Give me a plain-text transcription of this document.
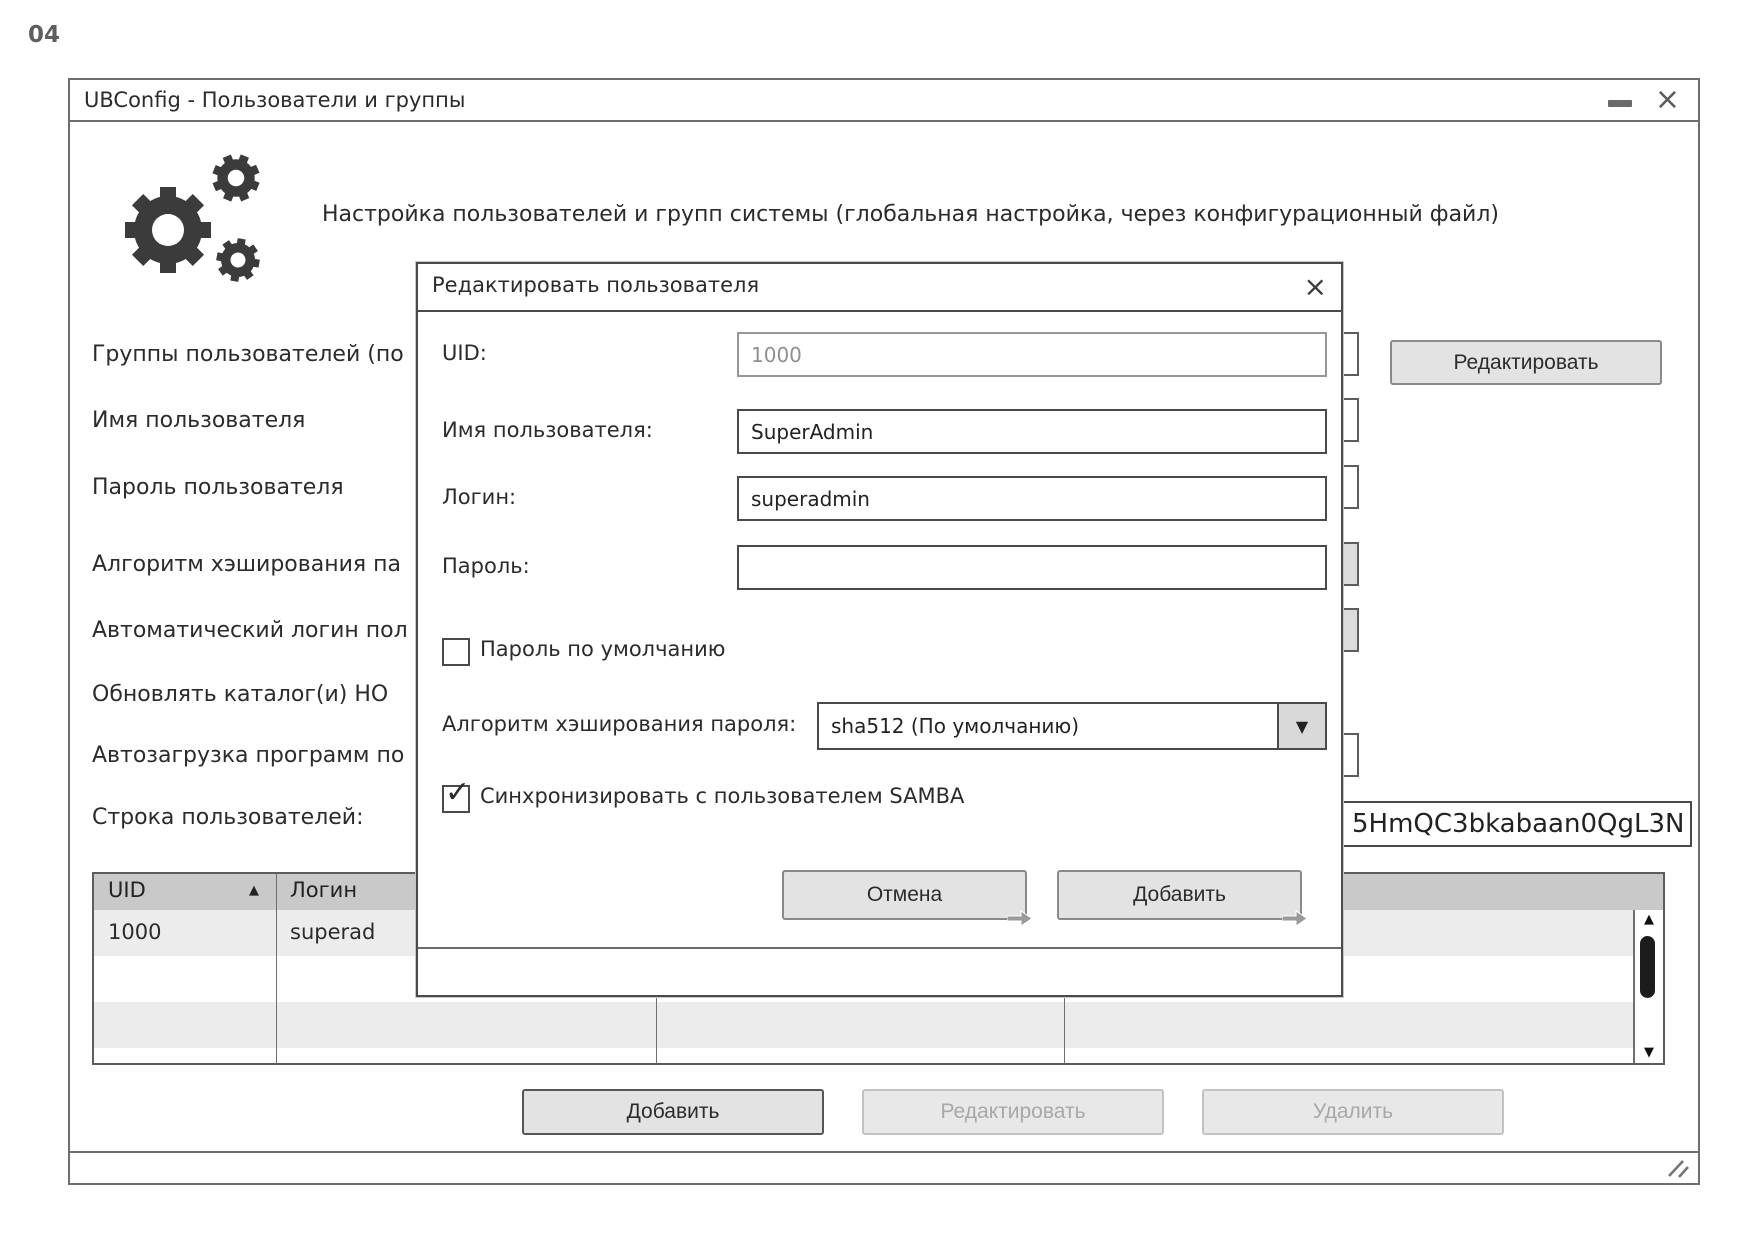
04
UBConfig - Пользователи и группы	×
Настройка пользователей и групп системы (глобальная настройка, через конфигурационный файл)
Группы пользователей (по
Имя пользователя
Пароль пользователя
Алгоритм хэширования па
Автоматический логин пол
Обновлять каталог(и) HO
Автозагрузка программ по
Строка пользователей:
Редактировать
5HmQC3bkabaan0QgL3N
UID	▲ Логин
1000	superad
▲
▼
Добавить	Редактировать	Удалить
Редактировать пользователя	×
UID:	1000
Имя пользователя:	SuperAdmin
Логин:	superadmin
Пароль:
Пароль по умолчанию
Алгоритм хэширования пароля: sha512 (По умолчанию)	▼
✓ Синхронизировать с пользователем SAMBA
Отмена	Добавить
